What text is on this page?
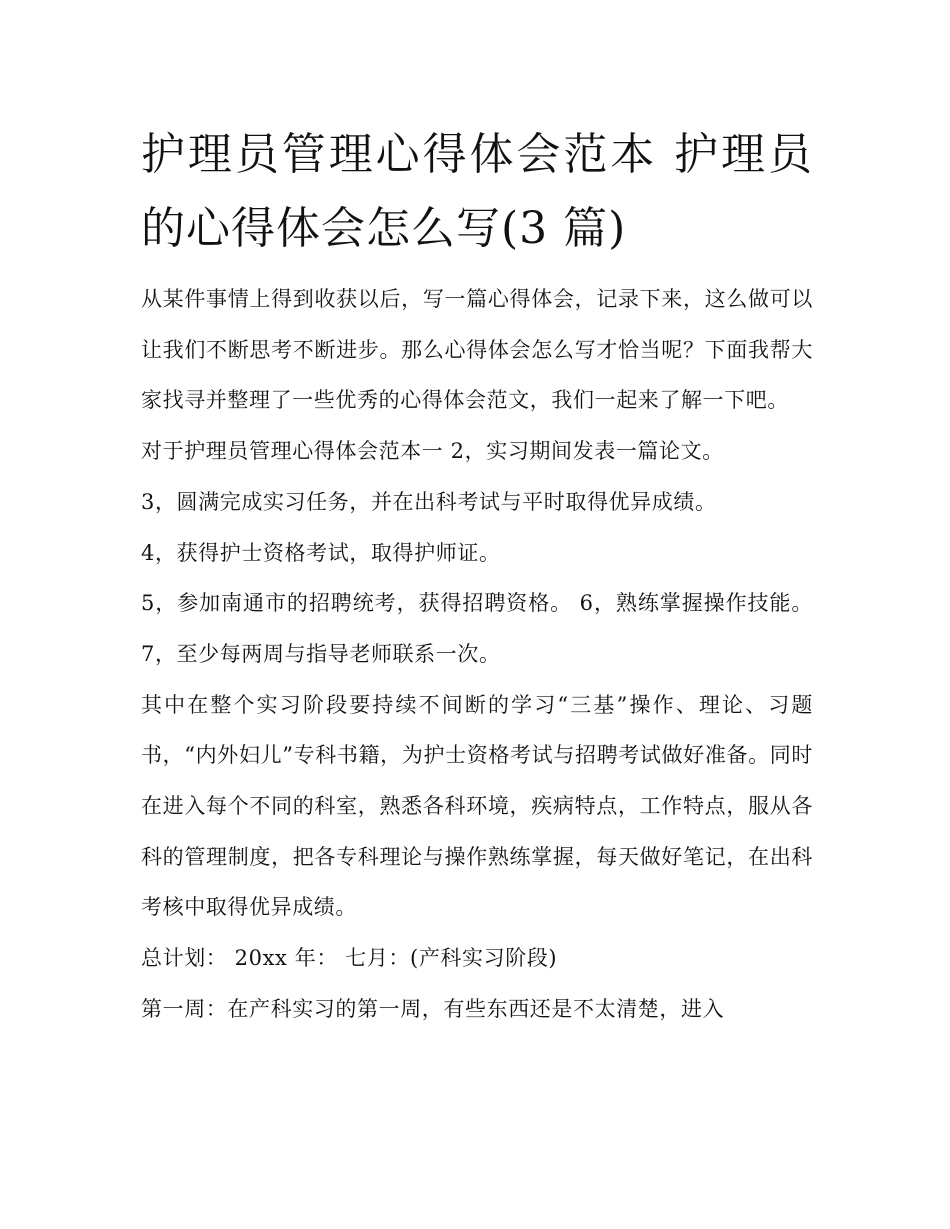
护理员管理心得体会范本 护理员的心得体会怎么写(3 篇)

从某件事情上得到收获以后，写一篇心得体会，记录下来，这么做可以让我们不断思考不断进步。那么心得体会怎么写才恰当呢？下面我帮大家找寻并整理了一些优秀的心得体会范文，我们一起来了解一下吧。

对于护理员管理心得体会范本一 2，实习期间发表一篇论文。

3，圆满完成实习任务，并在出科考试与平时取得优异成绩。

4，获得护士资格考试，取得护师证。

5，参加南通市的招聘统考，获得招聘资格。 6，熟练掌握操作技能。 7，至少每两周与指导老师联系一次。

其中在整个实习阶段要持续不间断的学习“三基”操作、理论、习题书，“内外妇儿”专科书籍，为护士资格考试与招聘考试做好准备。同时在进入每个不同的科室，熟悉各科环境，疾病特点，工作特点，服从各科的管理制度，把各专科理论与操作熟练掌握，每天做好笔记，在出科考核中取得优异成绩。

总计划： 20xx 年： 七月：(产科实习阶段)

第一周：在产科实习的第一周，有些东西还是不太清楚，进入
